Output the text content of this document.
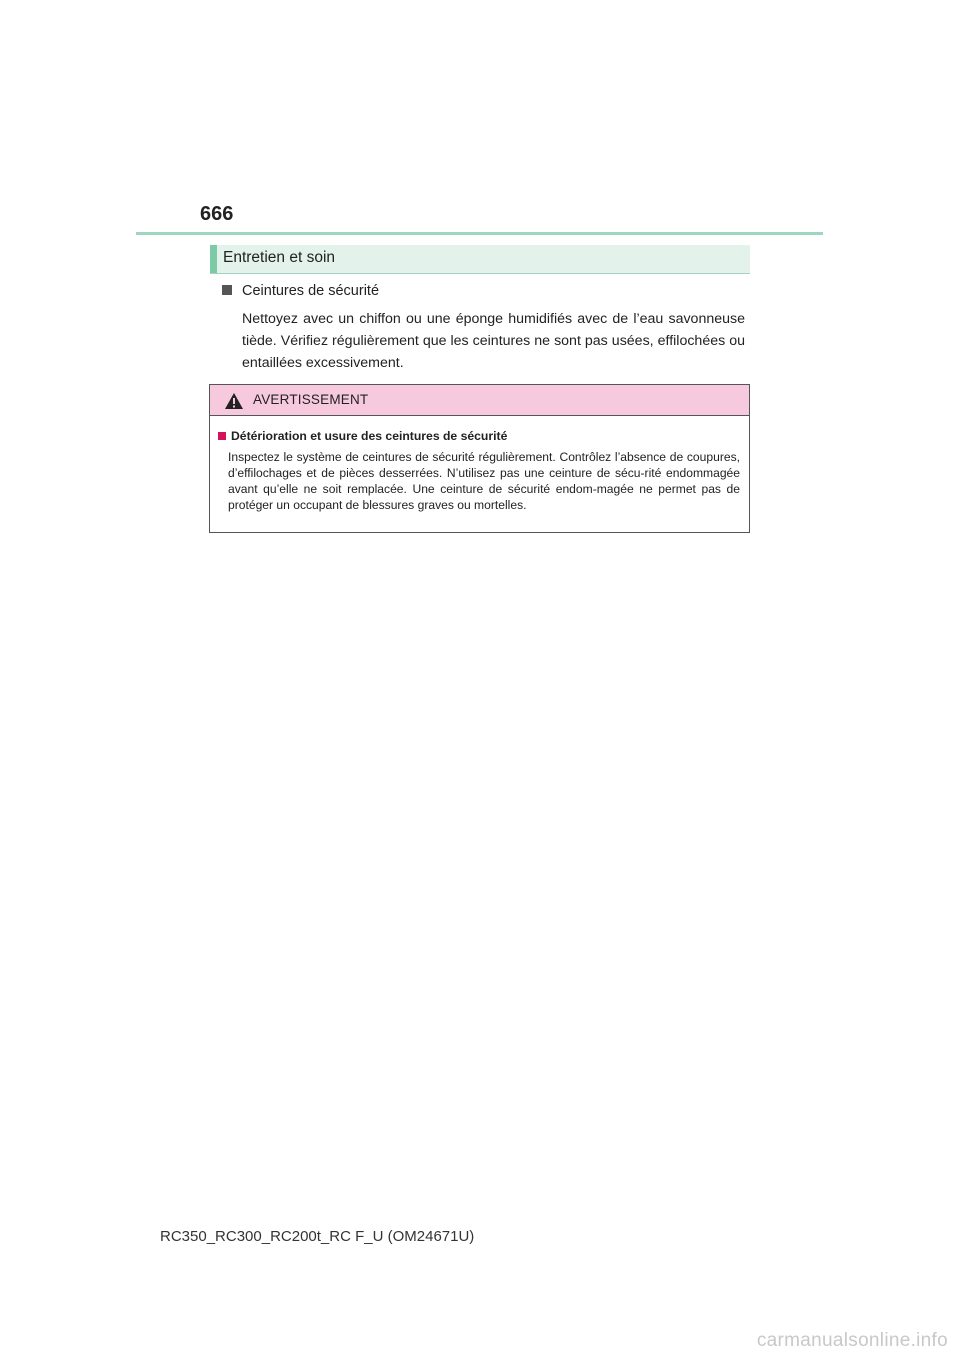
666
Entretien et soin
Ceintures de sécurité
Nettoyez avec un chiffon ou une éponge humidifiés avec de l’eau savonneuse tiède. Vérifiez régulièrement que les ceintures ne sont pas usées, effilochées ou entaillées excessivement.
AVERTISSEMENT
Détérioration et usure des ceintures de sécurité
Inspectez le système de ceintures de sécurité régulièrement. Contrôlez l’absence de coupures, d’effilochages et de pièces desserrées. N’utilisez pas une ceinture de sécu-rité endommagée avant qu’elle ne soit remplacée. Une ceinture de sécurité endom-magée ne permet pas de protéger un occupant de blessures graves ou mortelles.
RC350_RC300_RC200t_RC F_U (OM24671U)
carmanualsonline.info
